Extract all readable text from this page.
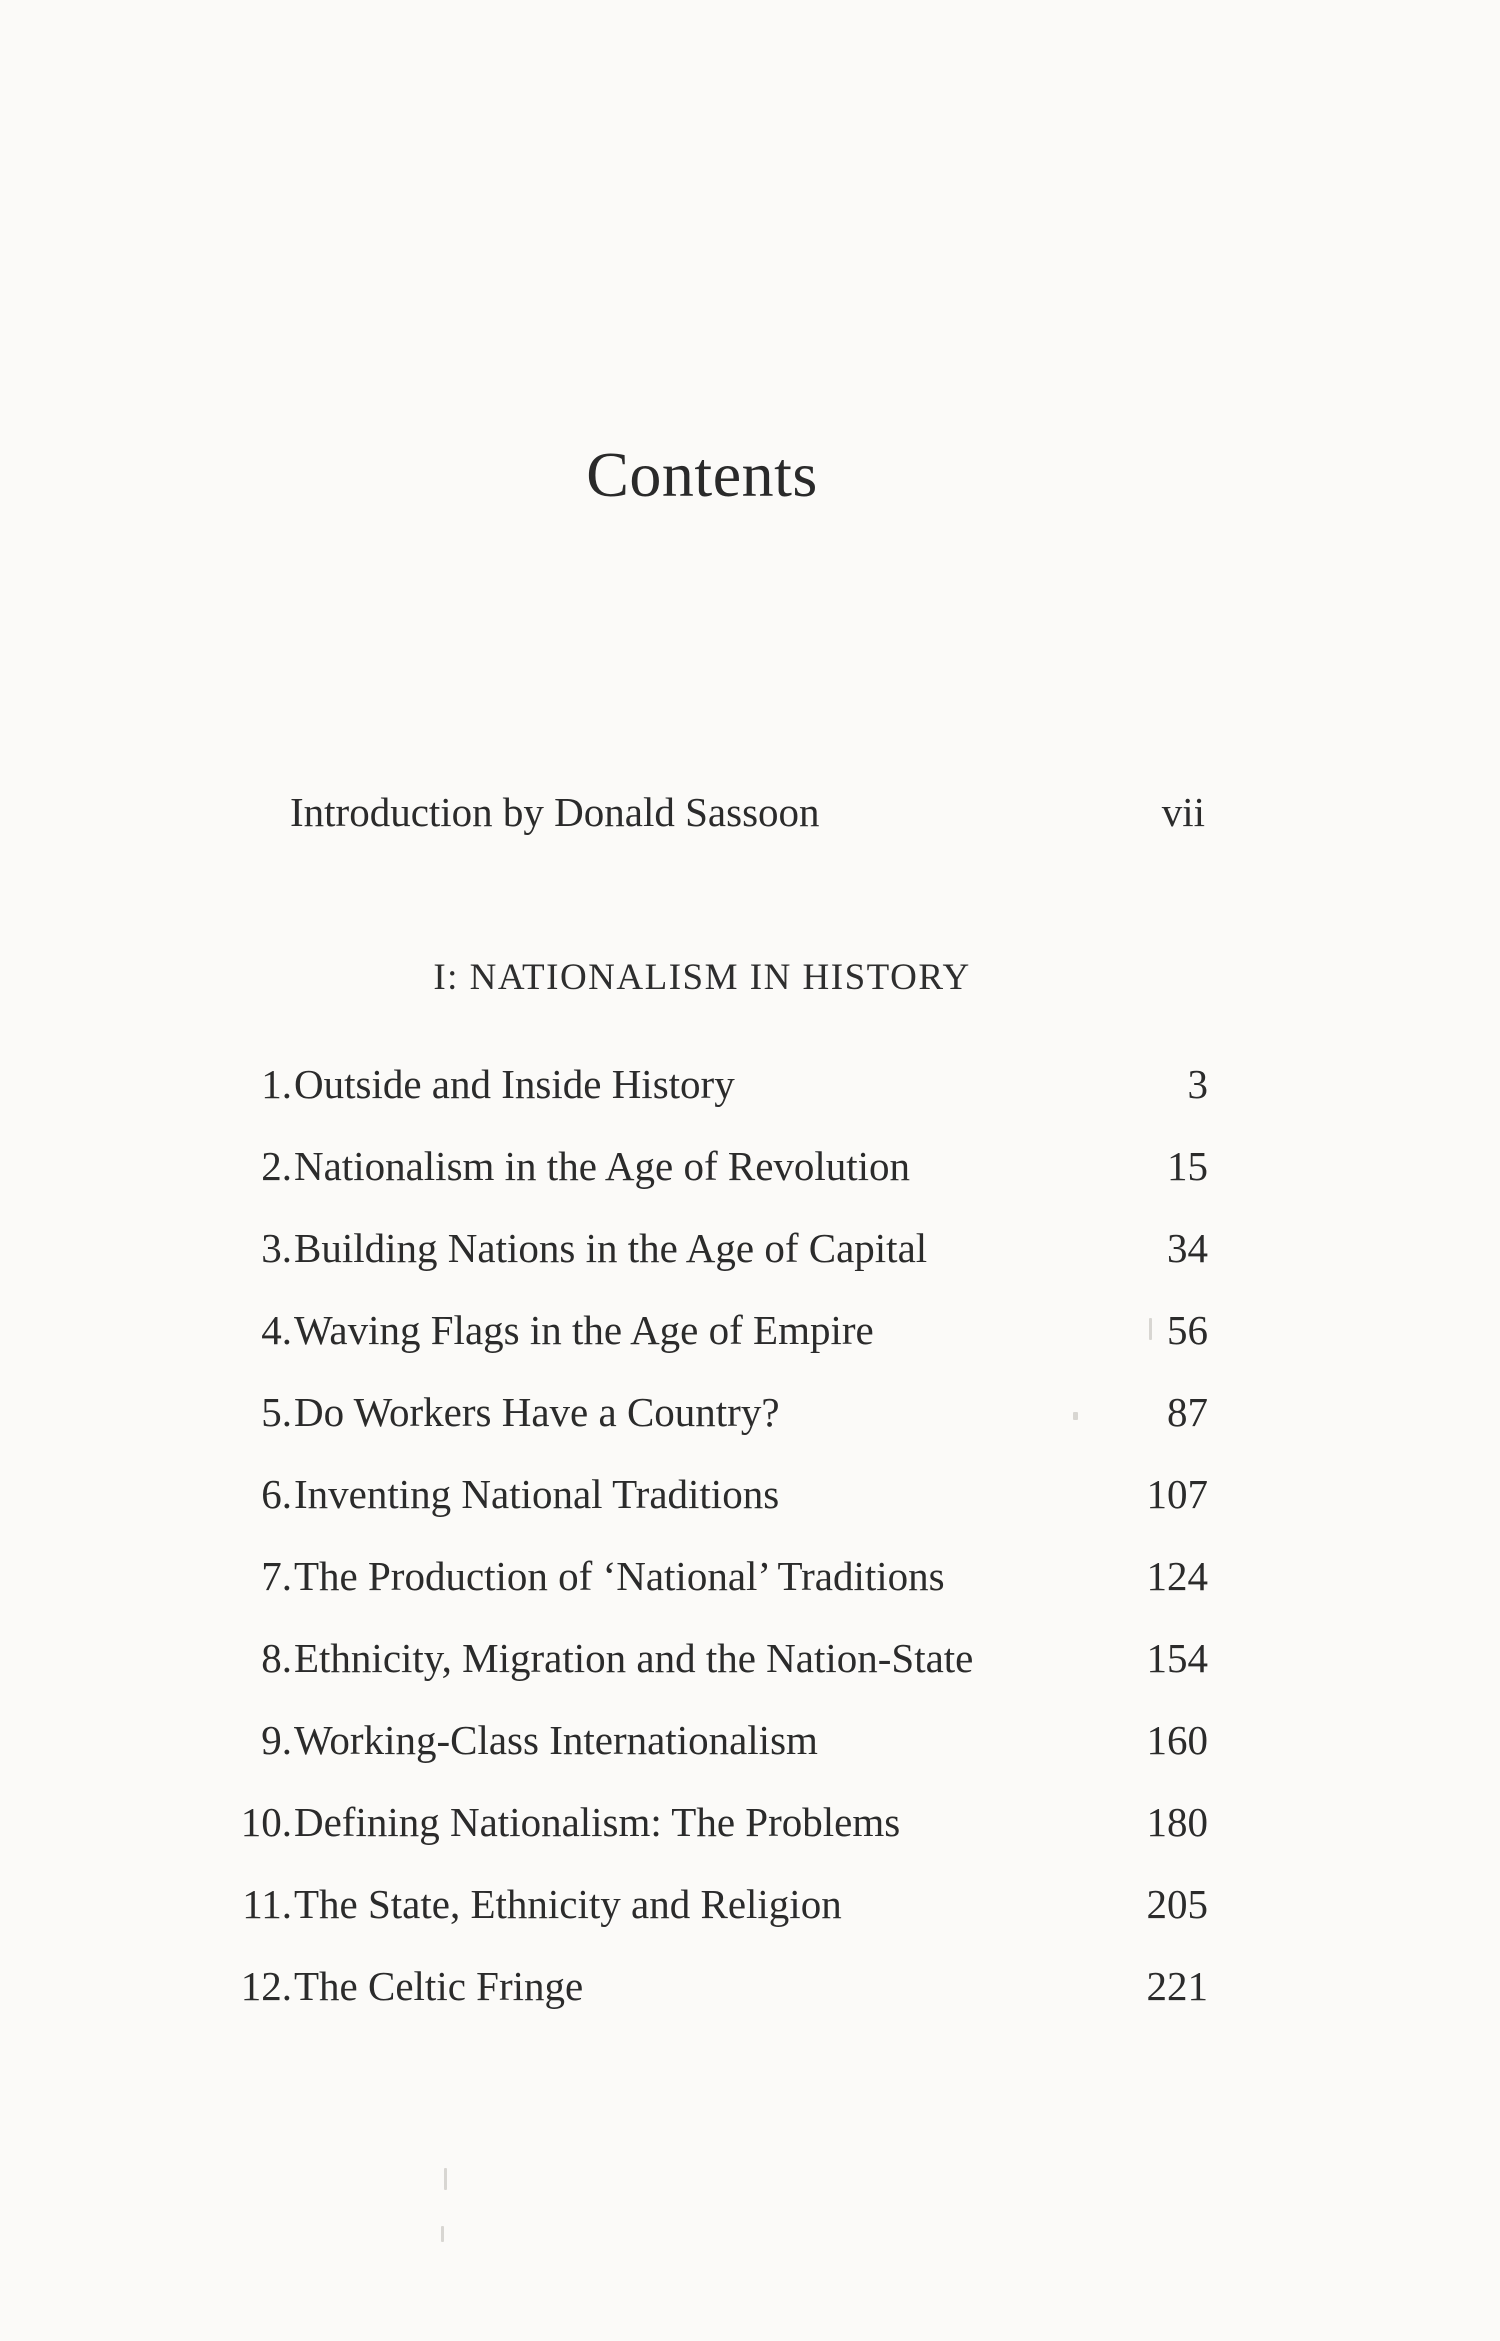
Contents
Introduction by Donald Sassoon	vii
I: NATIONALISM IN HISTORY
1. Outside and Inside History	3
2. Nationalism in the Age of Revolution	15
3. Building Nations in the Age of Capital	34
4. Waving Flags in the Age of Empire	56
5. Do Workers Have a Country?	87
6. Inventing National Traditions	107
7. The Production of ‘National’ Traditions	124
8. Ethnicity, Migration and the Nation-State	154
9. Working-Class Internationalism	160
10. Defining Nationalism: The Problems	180
11. The State, Ethnicity and Religion	205
12. The Celtic Fringe	221
